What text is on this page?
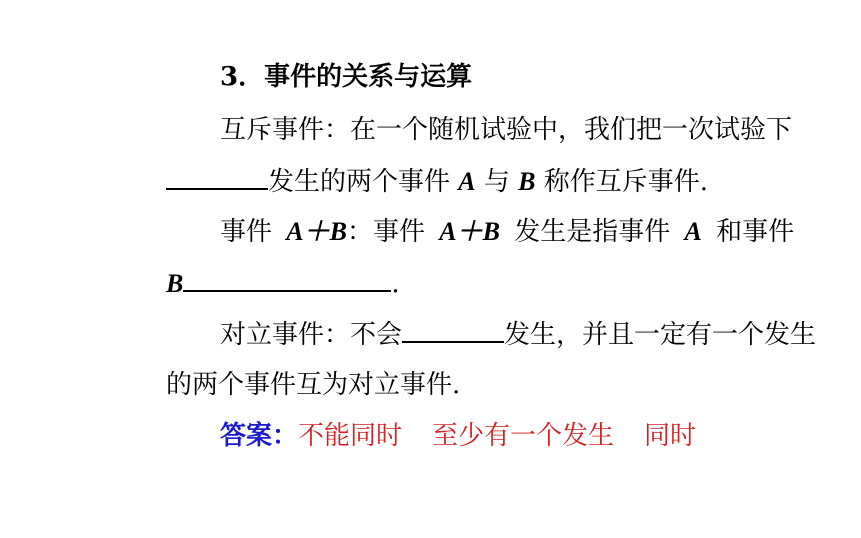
3．事件的关系与运算
互斥事件：在一个随机试验中，我们把一次试验下
发生的两个事件 A 与 B 称作互斥事件.
事件 A＋B：事件 A＋B 发生是指事件 A 和事件
B	.
对立事件：不会	发生，并且一定有一个发生
的两个事件互为对立事件.
答案：不能同时 至少有一个发生 同时
